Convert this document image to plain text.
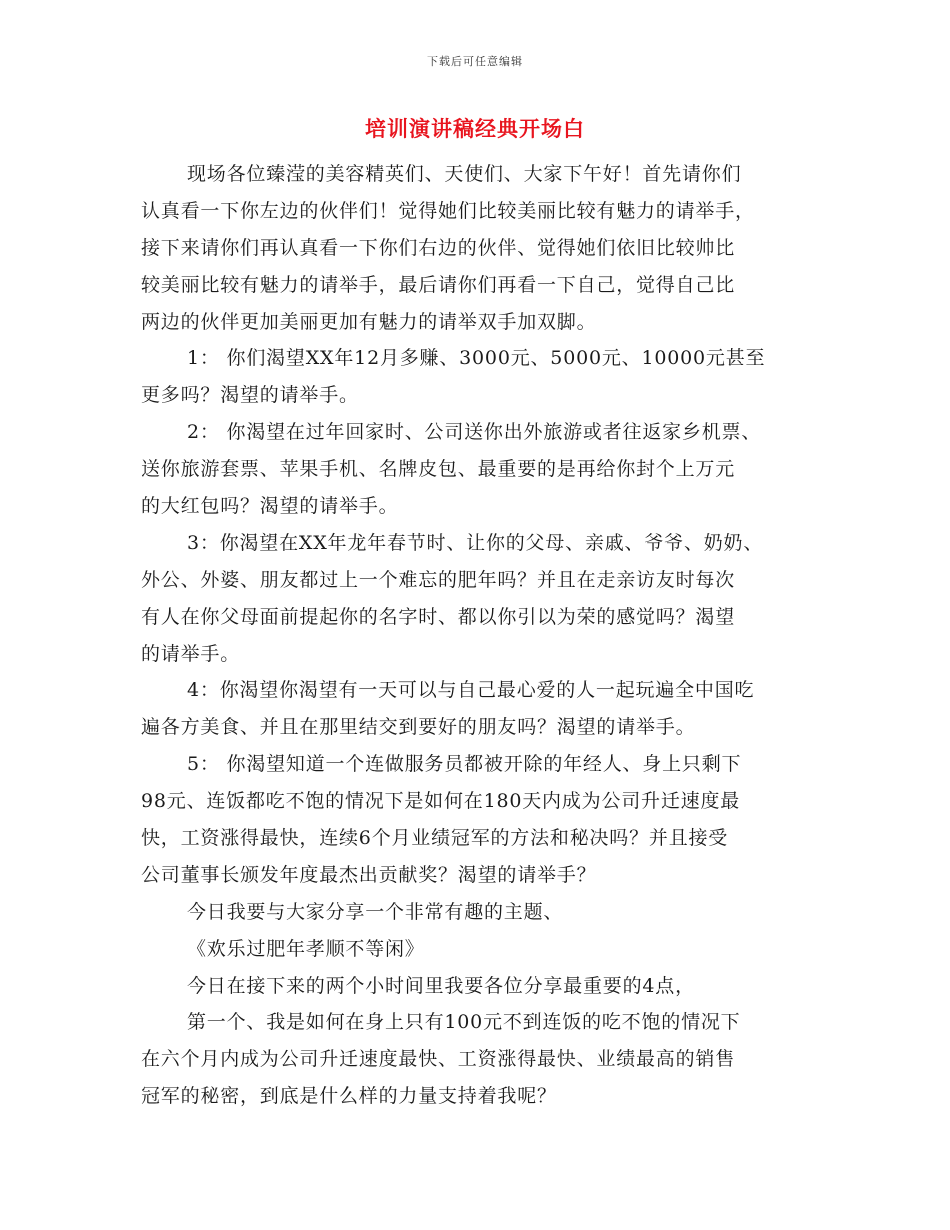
下载后可任意编辑
培训演讲稿经典开场白
现场各位臻滢的美容精英们、天使们、大家下午好！首先请你们
认真看一下你左边的伙伴们！觉得她们比较美丽比较有魅力的请举手，
接下来请你们再认真看一下你们右边的伙伴、觉得她们依旧比较帅比
较美丽比较有魅力的请举手，最后请你们再看一下自己，觉得自己比
两边的伙伴更加美丽更加有魅力的请举双手加双脚。
1： 你们渴望XX年12月多赚、3000元、5000元、10000元甚至
更多吗？渴望的请举手。
2： 你渴望在过年回家时、公司送你出外旅游或者往返家乡机票、
送你旅游套票、苹果手机、名牌皮包、最重要的是再给你封个上万元
的大红包吗？渴望的请举手。
3：你渴望在XX年龙年春节时、让你的父母、亲戚、爷爷、奶奶、
外公、外婆、朋友都过上一个难忘的肥年吗？并且在走亲访友时每次
有人在你父母面前提起你的名字时、都以你引以为荣的感觉吗？渴望
的请举手。
4：你渴望你渴望有一天可以与自己最心爱的人一起玩遍全中国吃
遍各方美食、并且在那里结交到要好的朋友吗？渴望的请举手。
5： 你渴望知道一个连做服务员都被开除的年经人、身上只剩下
98元、连饭都吃不饱的情况下是如何在180天内成为公司升迁速度最
快，工资涨得最快，连续6个月业绩冠军的方法和秘决吗？并且接受
公司董事长颁发年度最杰出贡献奖？渴望的请举手？
今日我要与大家分享一个非常有趣的主题、
《欢乐过肥年孝顺不等闲》
今日在接下来的两个小时间里我要各位分享最重要的4点，
第一个、我是如何在身上只有100元不到连饭的吃不饱的情况下
在六个月内成为公司升迁速度最快、工资涨得最快、业绩最高的销售
冠军的秘密，到底是什么样的力量支持着我呢？
